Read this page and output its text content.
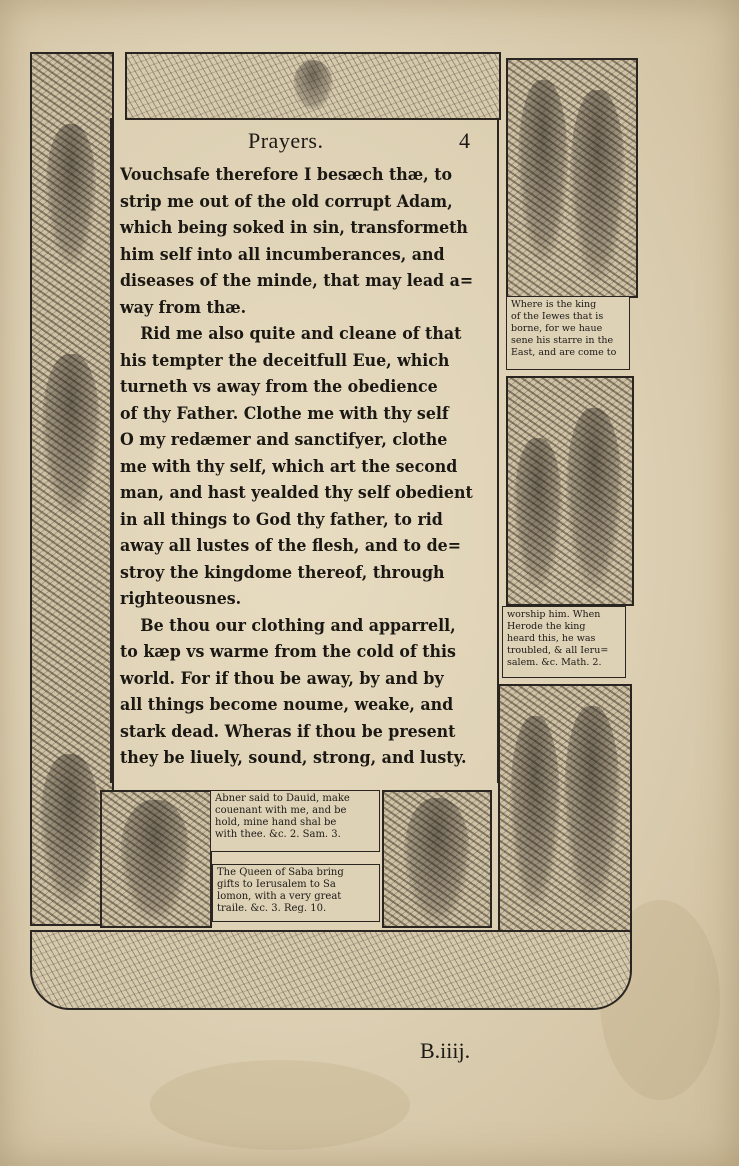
Where is the king
of the Iewes that is
borne, for we haue
sene his starre in the
East, and are come to
worship him. When
Herode the king
heard this, he was
troubled, & all Ieru=
salem. &c. Math. 2.
Prayers.	4
Vouchsafe therefore I besæch thæ, to
strip me out of the old corrupt Adam,
which being soked in sin, transformeth
him self into all incumberances, and
diseases of the minde, that may lead a=
way from thæ.
Rid me also quite and cleane of that
his tempter the deceitfull Eue, which
turneth vs away from the obedience
of thy Father. Clothe me with thy self
O my redæmer and sanctifyer, clothe
me with thy self, which art the second
man, and hast yealded thy self obedient
in all things to God thy father, to rid
away all lustes of the flesh, and to de=
stroy the kingdome thereof, through
righteousnes.
Be thou our clothing and apparrell,
to kæp vs warme from the cold of this
world. For if thou be away, by and by
all things become noume, weake, and
stark dead. Wheras if thou be present
they be liuely, sound, strong, and lusty.
Abner said to Dauid, make
couenant with me, and be
hold, mine hand shal be
with thee. &c. 2. Sam. 3.
The Queen of Saba bring
gifts to Ierusalem to Sa
lomon, with a very great
traile. &c. 3. Reg. 10.
B.iiij.
